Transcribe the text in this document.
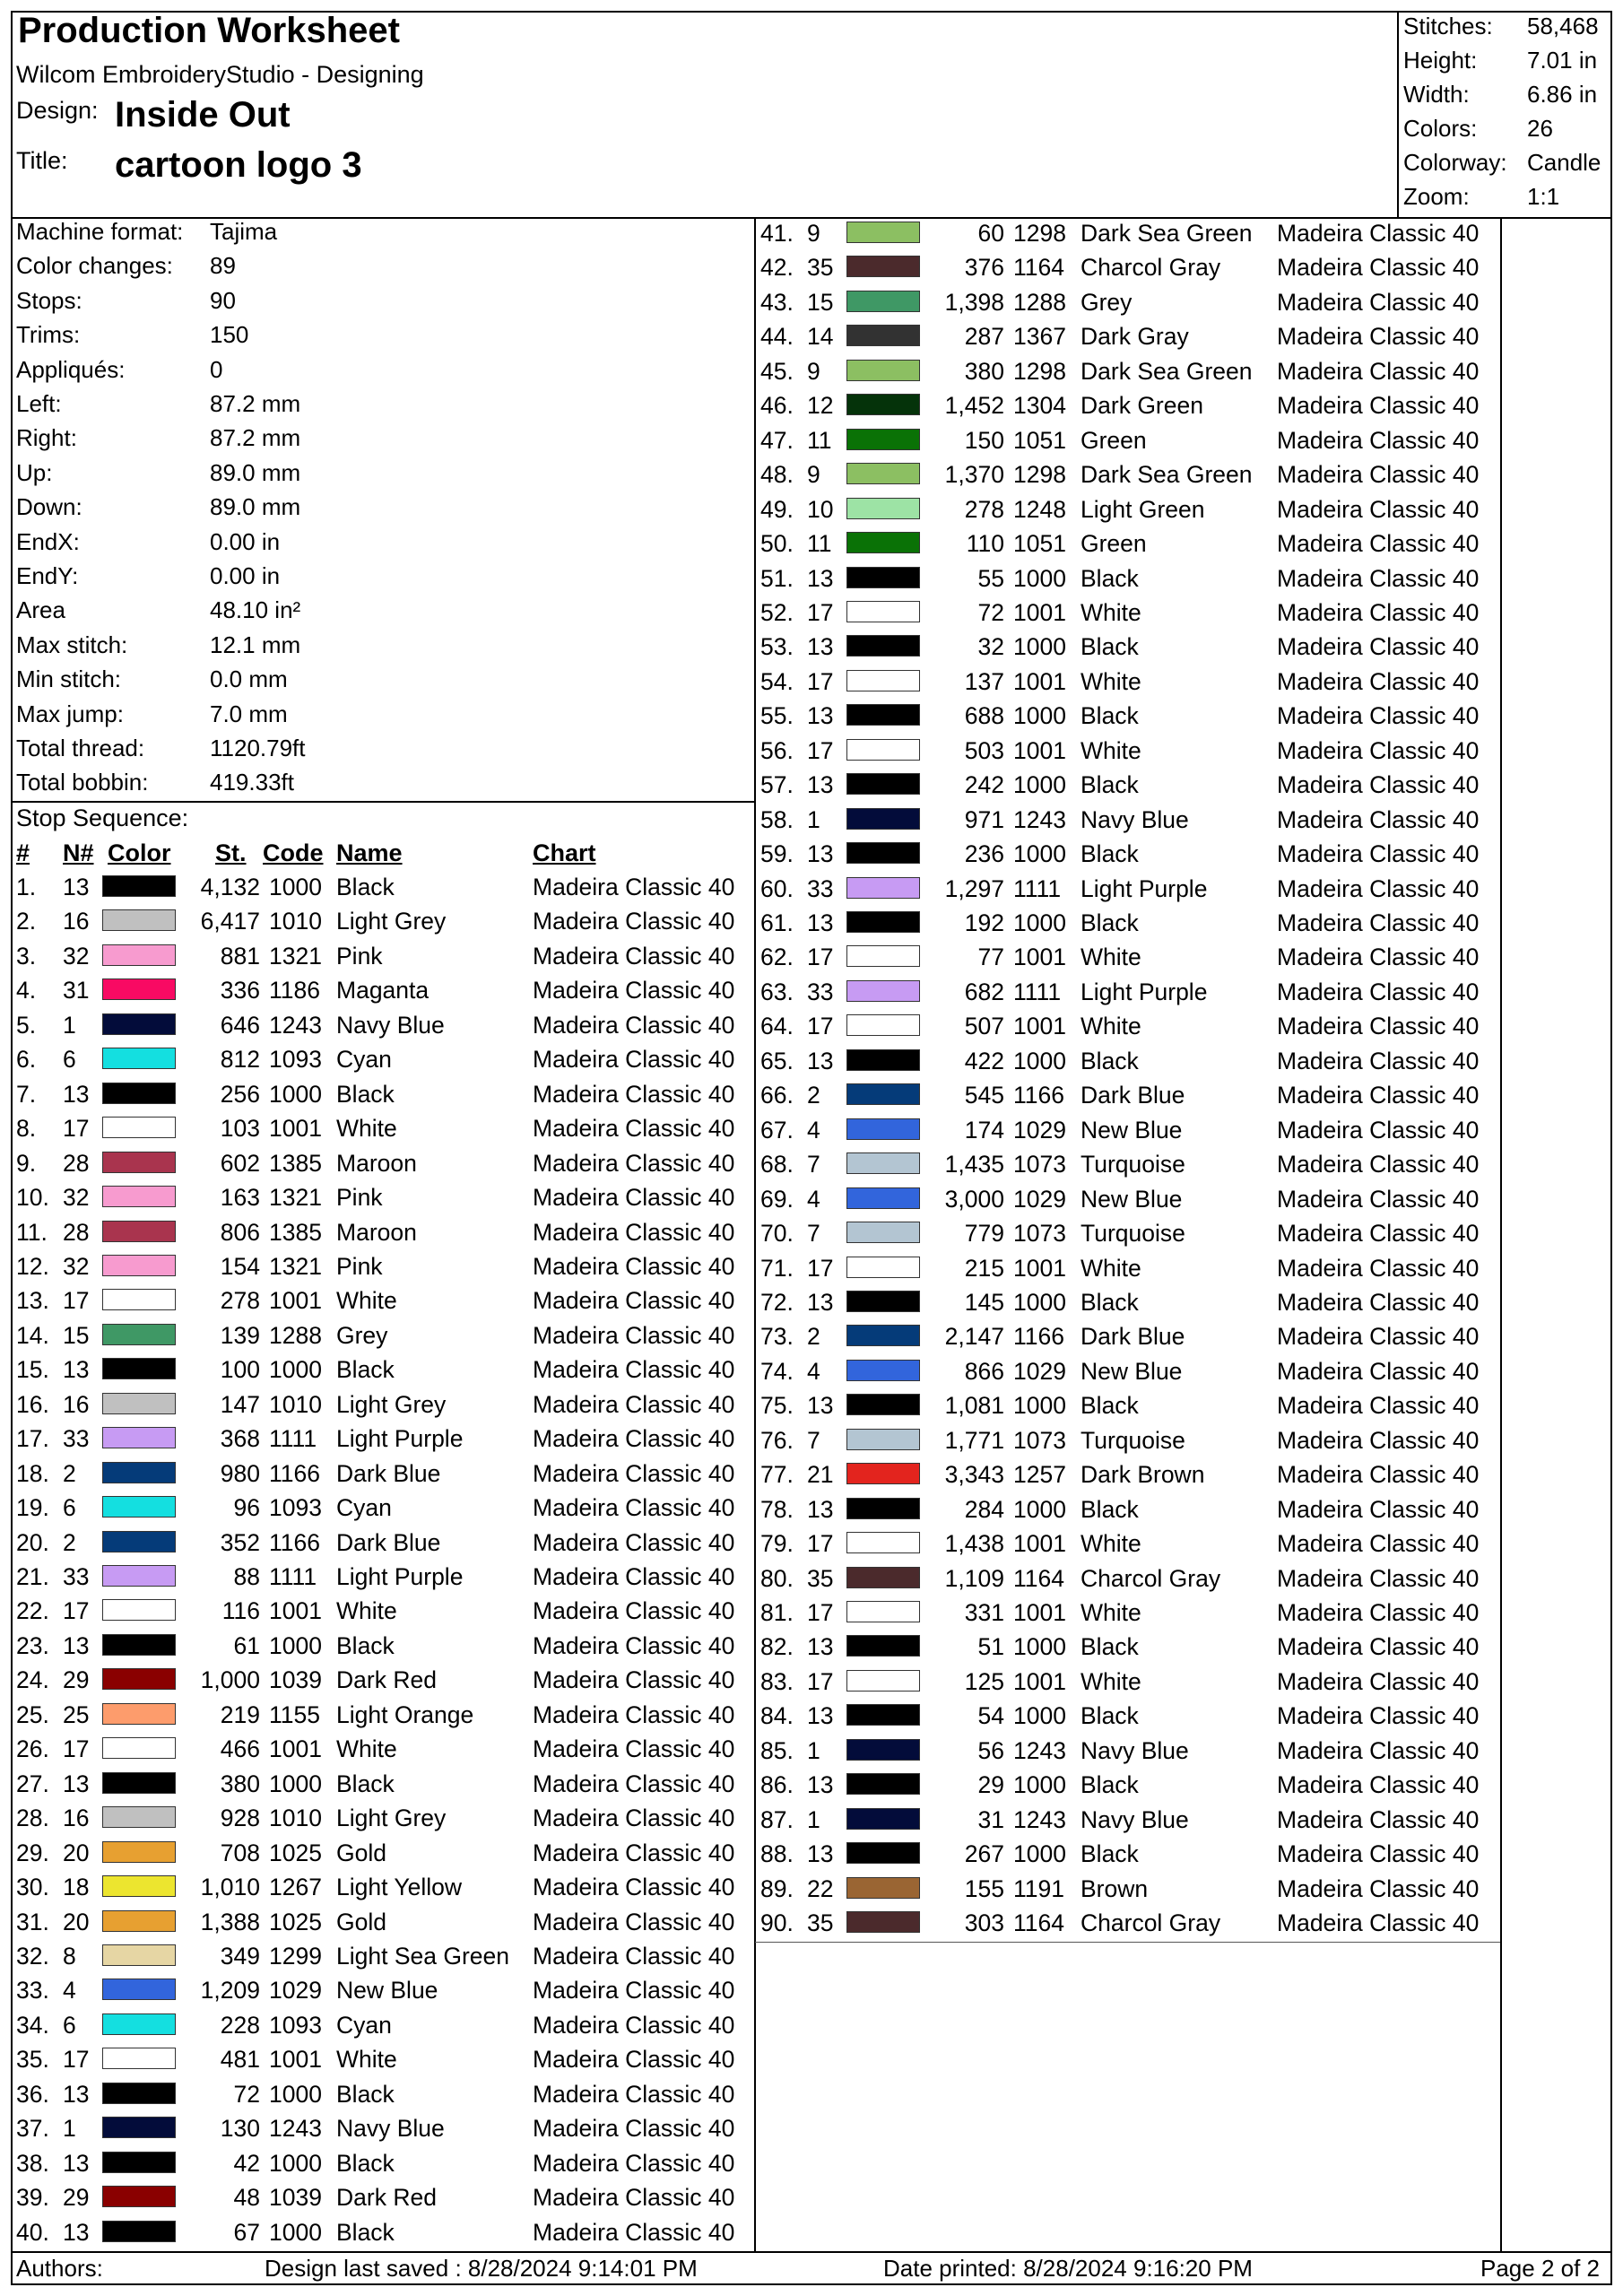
Production Worksheet
Wilcom EmbroideryStudio - Designing
Design: Inside Out
Title: cartoon logo 3
Stitches: 58,468
Height: 7.01 in
Width: 6.86 in
Colors: 26
Colorway: Candle
Zoom: 1:1
Machine format: Tajima
Color changes: 89
Stops:	90
Trims:	150
Appliqués:	0
Left:	87.2 mm
Right:	87.2 mm
Up:	89.0 mm
Down:	89.0 mm
EndX:	0.00 in
EndY:	0.00 in
Area	48.10 in²
Max stitch:	12.1 mm
Min stitch:	0.0 mm
Max jump:	7.0 mm
Total thread:	1120.79ft
Total bobbin:	419.33ft
Stop Sequence:
# N# Color St. Code Name	Chart
1. 13	4,132 1000 Black	Madeira Classic 40
2. 16	6,417 1010 Light Grey	Madeira Classic 40
3. 32	881 1321 Pink	Madeira Classic 40
4. 31	336 1186 Maganta	Madeira Classic 40
5. 1	646 1243 Navy Blue	Madeira Classic 40
6. 6	812 1093 Cyan	Madeira Classic 40
7. 13	256 1000 Black	Madeira Classic 40
8. 17	103 1001 White	Madeira Classic 40
9. 28	602 1385 Maroon	Madeira Classic 40
10. 32	163 1321 Pink	Madeira Classic 40
11. 28	806 1385 Maroon	Madeira Classic 40
12. 32	154 1321 Pink	Madeira Classic 40
13. 17	278 1001 White	Madeira Classic 40
14. 15	139 1288 Grey	Madeira Classic 40
15. 13	100 1000 Black	Madeira Classic 40
16. 16	147 1010 Light Grey	Madeira Classic 40
17. 33	368 1111 Light Purple	Madeira Classic 40
18. 2	980 1166 Dark Blue	Madeira Classic 40
19. 6	96 1093 Cyan	Madeira Classic 40
20. 2	352 1166 Dark Blue	Madeira Classic 40
21. 33	88 1111 Light Purple	Madeira Classic 40
22. 17	116 1001 White	Madeira Classic 40
23. 13	61 1000 Black	Madeira Classic 40
24. 29	1,000 1039 Dark Red	Madeira Classic 40
25. 25	219 1155 Light Orange Madeira Classic 40
26. 17	466 1001 White	Madeira Classic 40
27. 13	380 1000 Black	Madeira Classic 40
28. 16	928 1010 Light Grey	Madeira Classic 40
29. 20	708 1025 Gold	Madeira Classic 40
30. 18	1,010 1267 Light Yellow	Madeira Classic 40
31. 20	1,388 1025 Gold	Madeira Classic 40
32. 8	349 1299 Light Sea Green Madeira Classic 40
33. 4	1,209 1029 New Blue	Madeira Classic 40
34. 6	228 1093 Cyan	Madeira Classic 40
35. 17	481 1001 White	Madeira Classic 40
36. 13	72 1000 Black	Madeira Classic 40
37. 1	130 1243 Navy Blue	Madeira Classic 40
38. 13	42 1000 Black	Madeira Classic 40
39. 29	48 1039 Dark Red	Madeira Classic 40
40. 13	67 1000 Black	Madeira Classic 40
41. 9	60 1298 Dark Sea Green Madeira Classic 40
42. 35	376 1164 Charcol Gray Madeira Classic 40
43. 15	1,398 1288 Grey	Madeira Classic 40
44. 14	287 1367 Dark Gray	Madeira Classic 40
45. 9	380 1298 Dark Sea Green Madeira Classic 40
46. 12	1,452 1304 Dark Green	Madeira Classic 40
47. 11	150 1051 Green	Madeira Classic 40
48. 9	1,370 1298 Dark Sea Green Madeira Classic 40
49. 10	278 1248 Light Green	Madeira Classic 40
50. 11	110 1051 Green	Madeira Classic 40
51. 13	55 1000 Black	Madeira Classic 40
52. 17	72 1001 White	Madeira Classic 40
53. 13	32 1000 Black	Madeira Classic 40
54. 17	137 1001 White	Madeira Classic 40
55. 13	688 1000 Black	Madeira Classic 40
56. 17	503 1001 White	Madeira Classic 40
57. 13	242 1000 Black	Madeira Classic 40
58. 1	971 1243 Navy Blue	Madeira Classic 40
59. 13	236 1000 Black	Madeira Classic 40
60. 33	1,297 1111 Light Purple	Madeira Classic 40
61. 13	192 1000 Black	Madeira Classic 40
62. 17	77 1001 White	Madeira Classic 40
63. 33	682 1111 Light Purple	Madeira Classic 40
64. 17	507 1001 White	Madeira Classic 40
65. 13	422 1000 Black	Madeira Classic 40
66. 2	545 1166 Dark Blue	Madeira Classic 40
67. 4	174 1029 New Blue	Madeira Classic 40
68. 7	1,435 1073 Turquoise	Madeira Classic 40
69. 4	3,000 1029 New Blue	Madeira Classic 40
70. 7	779 1073 Turquoise	Madeira Classic 40
71. 17	215 1001 White	Madeira Classic 40
72. 13	145 1000 Black	Madeira Classic 40
73. 2	2,147 1166 Dark Blue	Madeira Classic 40
74. 4	866 1029 New Blue	Madeira Classic 40
75. 13	1,081 1000 Black	Madeira Classic 40
76. 7	1,771 1073 Turquoise	Madeira Classic 40
77. 21	3,343 1257 Dark Brown	Madeira Classic 40
78. 13	284 1000 Black	Madeira Classic 40
79. 17	1,438 1001 White	Madeira Classic 40
80. 35	1,109 1164 Charcol Gray Madeira Classic 40
81. 17	331 1001 White	Madeira Classic 40
82. 13	51 1000 Black	Madeira Classic 40
83. 17	125 1001 White	Madeira Classic 40
84. 13	54 1000 Black	Madeira Classic 40
85. 1	56 1243 Navy Blue	Madeira Classic 40
86. 13	29 1000 Black	Madeira Classic 40
87. 1	31 1243 Navy Blue	Madeira Classic 40
88. 13	267 1000 Black	Madeira Classic 40
89. 22	155 1191 Brown	Madeira Classic 40
90. 35	303 1164 Charcol Gray Madeira Classic 40
Authors:	Design last saved : 8/28/2024 9:14:01 PM	Date printed: 8/28/2024 9:16:20 PM	Page 2 of 2
